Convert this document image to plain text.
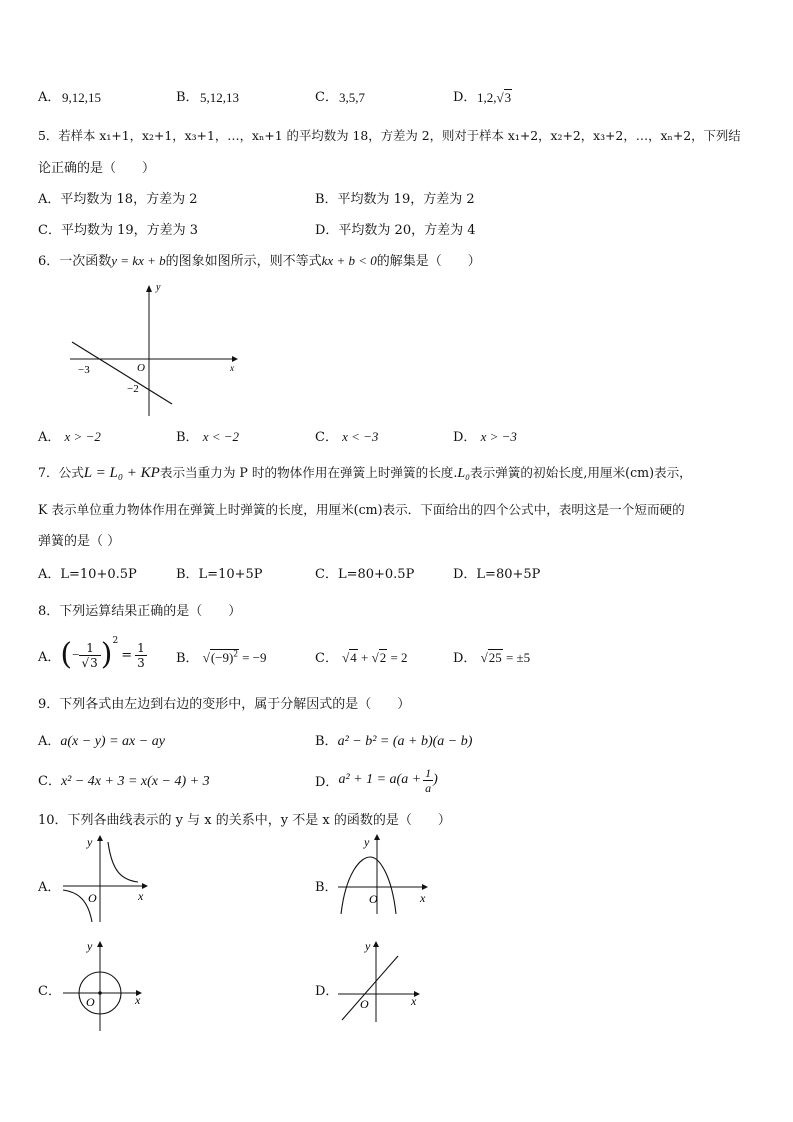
A． 9,12,15	B． 5,12,13	C． 3,5,7	D． 1,2,√3
5．若样本 x₁+1，x₂+1，x₃+1，…，xₙ+1 的平均数为 18，方差为 2，则对于样本 x₁+2，x₂+2，x₃+2，…，xₙ+2，下列结
论正确的是（　　）
A．平均数为 18，方差为 2	B．平均数为 19，方差为 2
C．平均数为 19，方差为 3	D．平均数为 20，方差为 4
6．一次函数y = kx + b的图象如图所示，则不等式kx + b < 0的解集是（　　）
y
x
O
−3
−2
A． x > −2	B． x < −2	C． x < −3	D． x > −3
7．公式L = L₀ + KP表示当重力为 P 时的物体作用在弹簧上时弹簧的长度.L₀表示弹簧的初始长度,用厘米(cm)表示，
K 表示单位重力物体作用在弹簧上时弹簧的长度，用厘米(cm)表示．下面给出的四个公式中，表明这是一个短而硬的
弹簧的是（ ）
A．L=10+0.5P	B．L=10+5P	C．L=80+0.5P	D．L=80+5P
8．下列运算结果正确的是（　　）
A． ( − $\frac{1}{√3} )^2$
= $\frac{1}{3}$ B． $√(-9)^2 = -9$	C． √4 + √2 = 2	D． √25 = ±5
9．下列各式由左边到右边的变形中，属于分解因式的是（　　）
A．a(x − y) = ax − ay	B．a² − b² = (a + b)(a − b)
C．x² − 4x + 3 = x(x − 4) + 3	D． $a^2 + 1 = a(a + \frac{1}{a}$ )
10．下列各曲线表示的 y 与 x 的关系中，y 不是 x 的函数的是（　　）
A．
y
x
O
B．
y
x
O
C．
y
x
O
D．
y
x
O
